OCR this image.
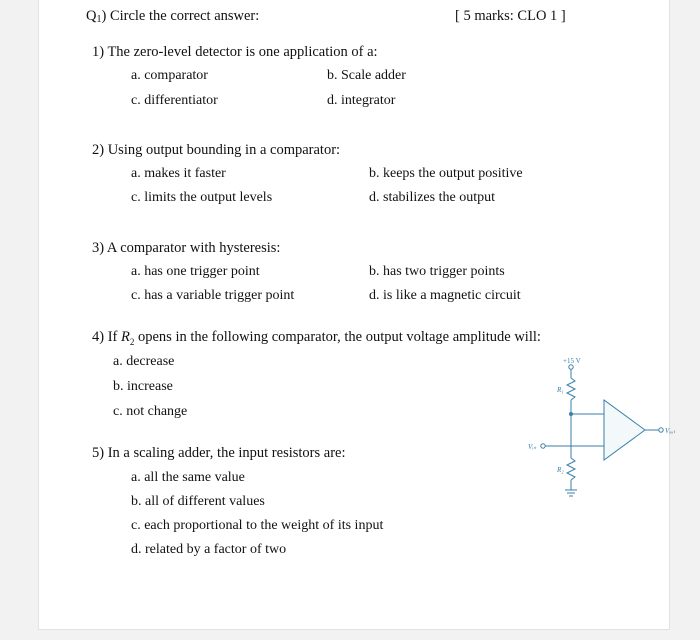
Q1) Circle the correct answer:	[ 5 marks: CLO 1 ]
1) The zero-level detector is one application of a:
a. comparator	b. Scale adder
c. differentiator	d. integrator
2) Using output bounding in a comparator:
a. makes it faster	b. keeps the output positive
c. limits the output levels	d. stabilizes the output
3) A comparator with hysteresis:
a. has one trigger point	b. has two trigger points
c. has a variable trigger point	d. is like a magnetic circuit
4) If $R_2$ opens in the following comparator, the output voltage amplitude will:
a. decrease
b. increase
c. not change
5) In a scaling adder, the input resistors are:
a. all the same value
b. all of different values
c. each proportional to the weight of its input
d. related by a factor of two
+15 V
R₁
R₂
Vᵢₙ
Vₒᵤₜ
